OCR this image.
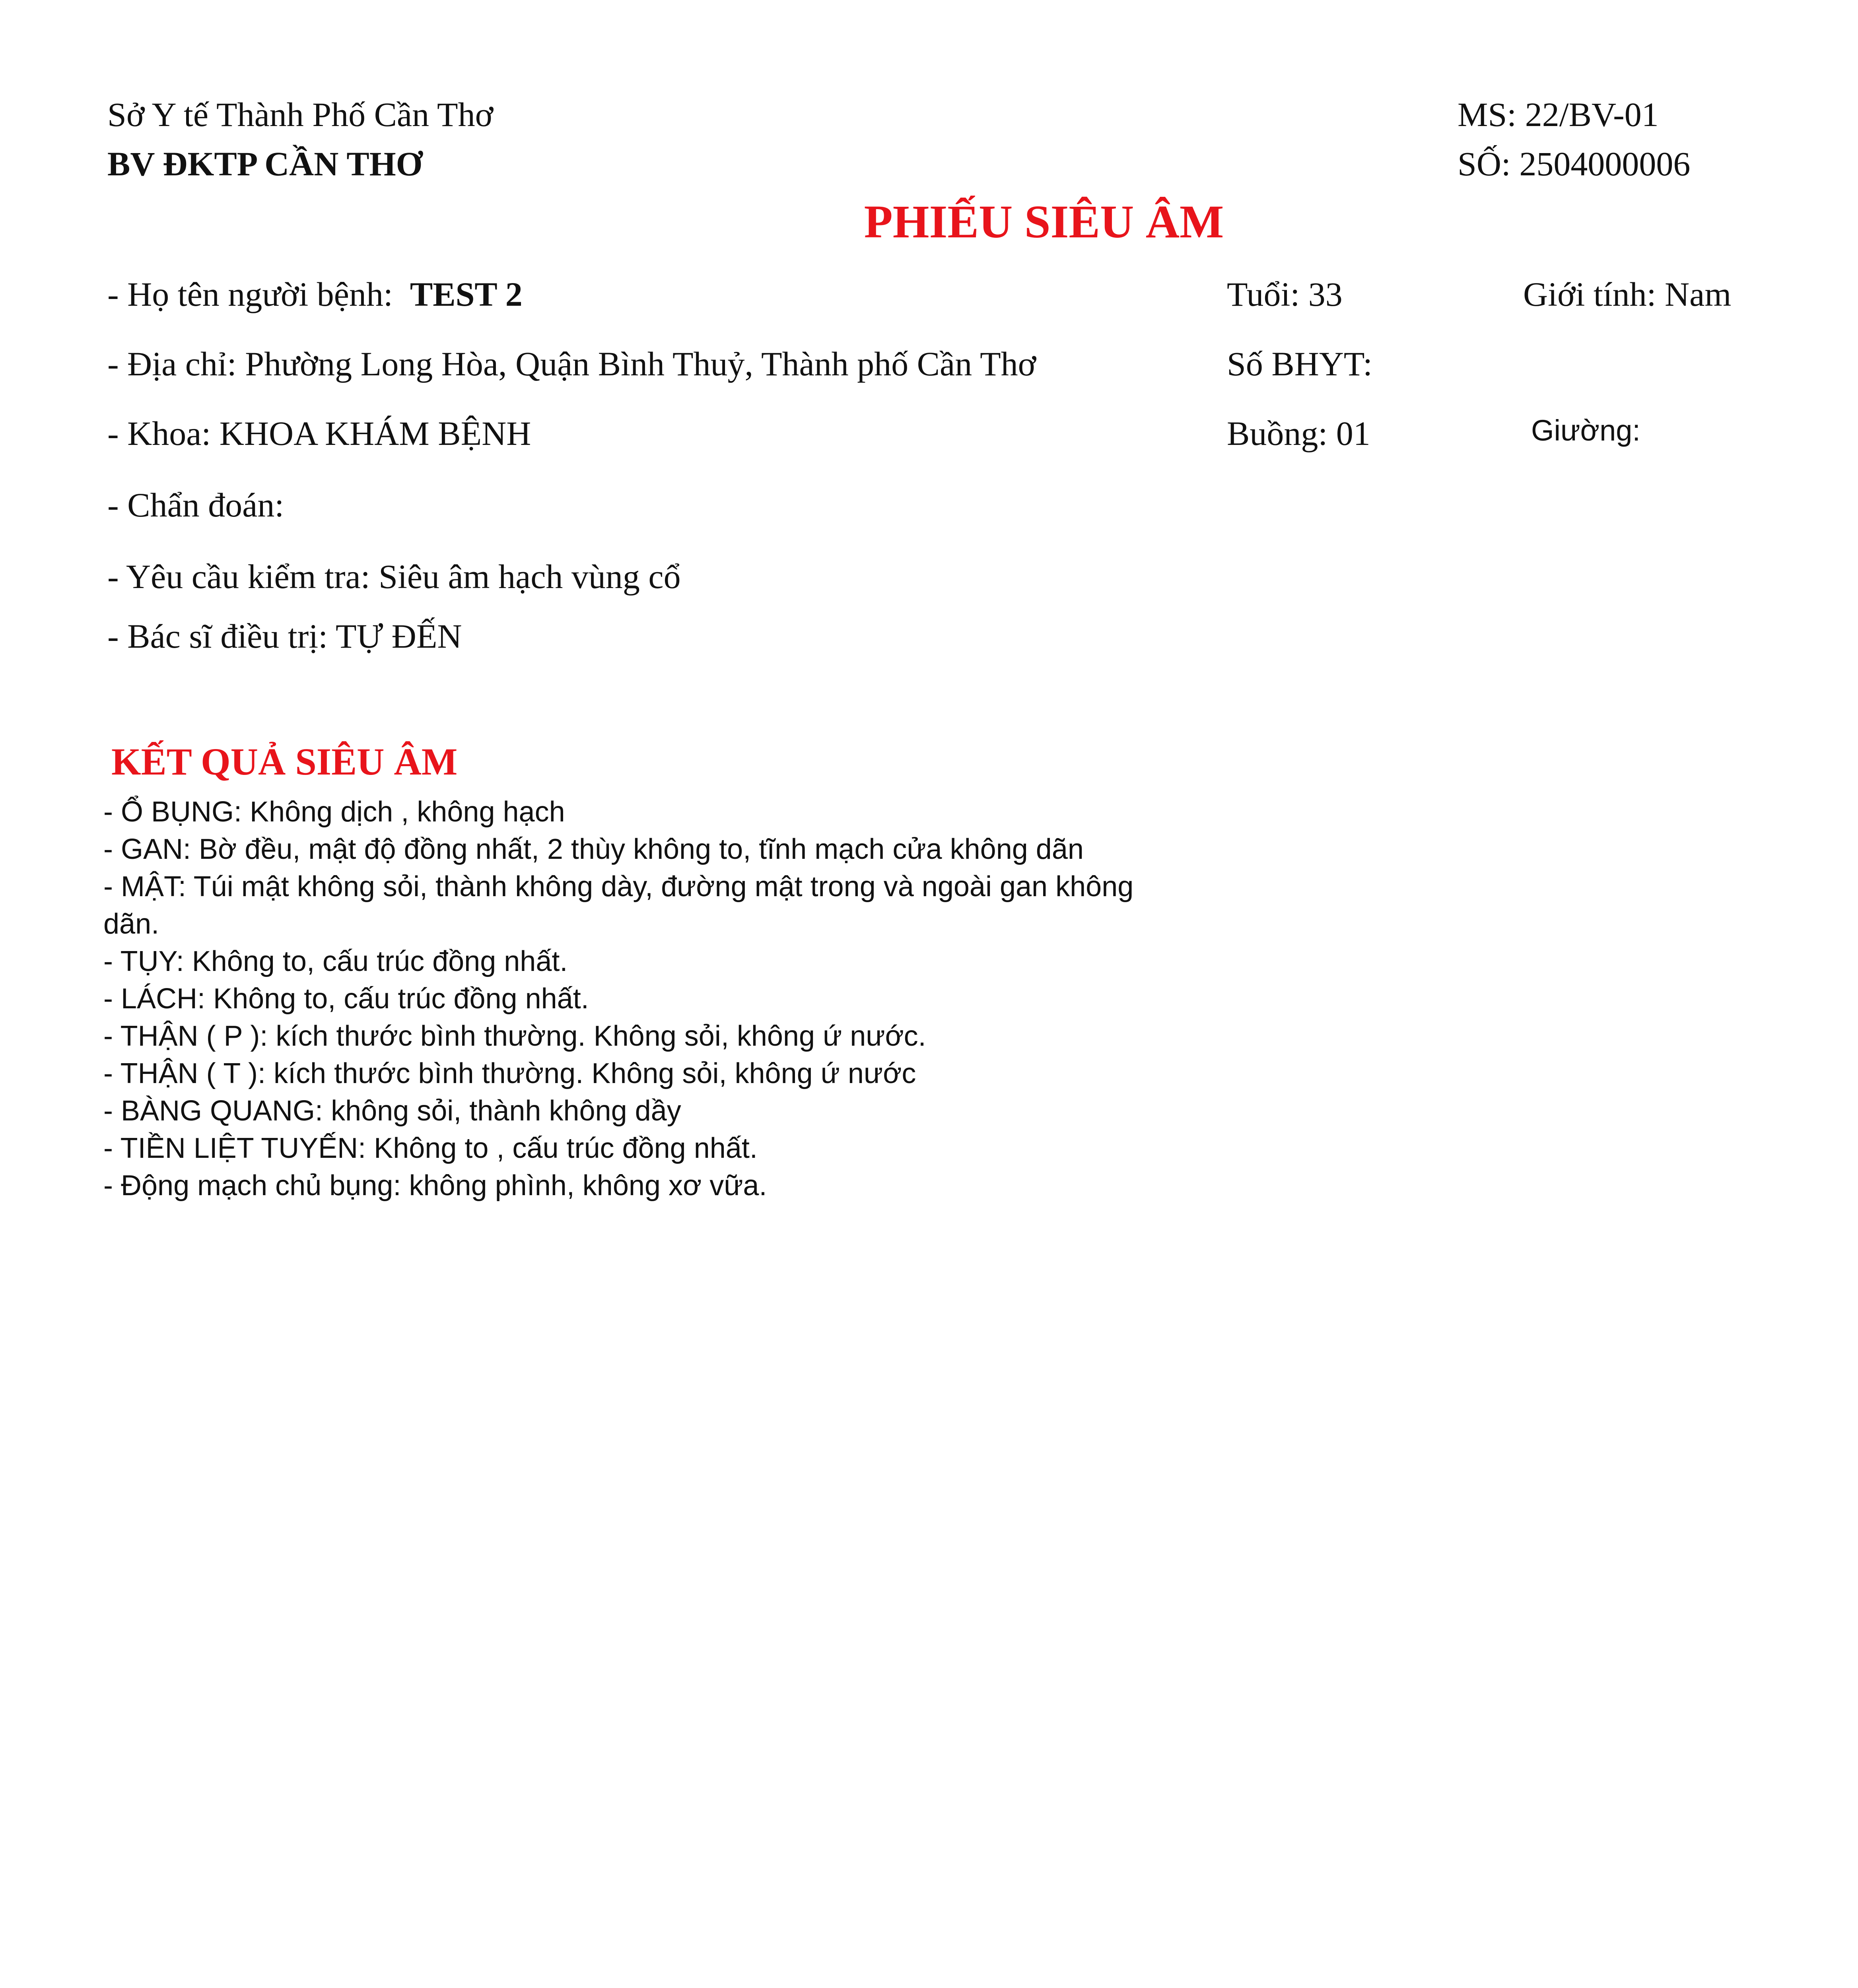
Sở Y tế Thành Phố Cần Thơ
BV ĐKTP CẦN THƠ
MS: 22/BV-01
SỐ: 2504000006
PHIẾU SIÊU ÂM
- Họ tên người bệnh: TEST 2	Tuổi: 33	Giới tính: Nam
- Địa chỉ: Phường Long Hòa, Quận Bình Thuỷ, Thành phố Cần Thơ	Số BHYT:
- Khoa: KHOA KHÁM BỆNH	Buồng: 01	Giường:
- Chẩn đoán:
- Yêu cầu kiểm tra: Siêu âm hạch vùng cổ
- Bác sĩ điều trị: TỰ ĐẾN
KẾT QUẢ SIÊU ÂM
- Ổ BỤNG: Không dịch , không hạch
- GAN: Bờ đều, mật độ đồng nhất, 2 thùy không to, tĩnh mạch cửa không dãn
- MẬT: Túi mật không sỏi, thành không dày, đường mật trong và ngoài gan không dãn.
- TỤY: Không to, cấu trúc đồng nhất.
- LÁCH: Không to, cấu trúc đồng nhất.
- THẬN ( P ): kích thước bình thường. Không sỏi, không ứ nước.
- THẬN ( T ): kích thước bình thường. Không sỏi, không ứ nước
- BÀNG QUANG: không sỏi, thành không dầy
- TIỀN LIỆT TUYẾN: Không to , cấu trúc đồng nhất.
- Động mạch chủ bụng: không phình, không xơ vữa.
